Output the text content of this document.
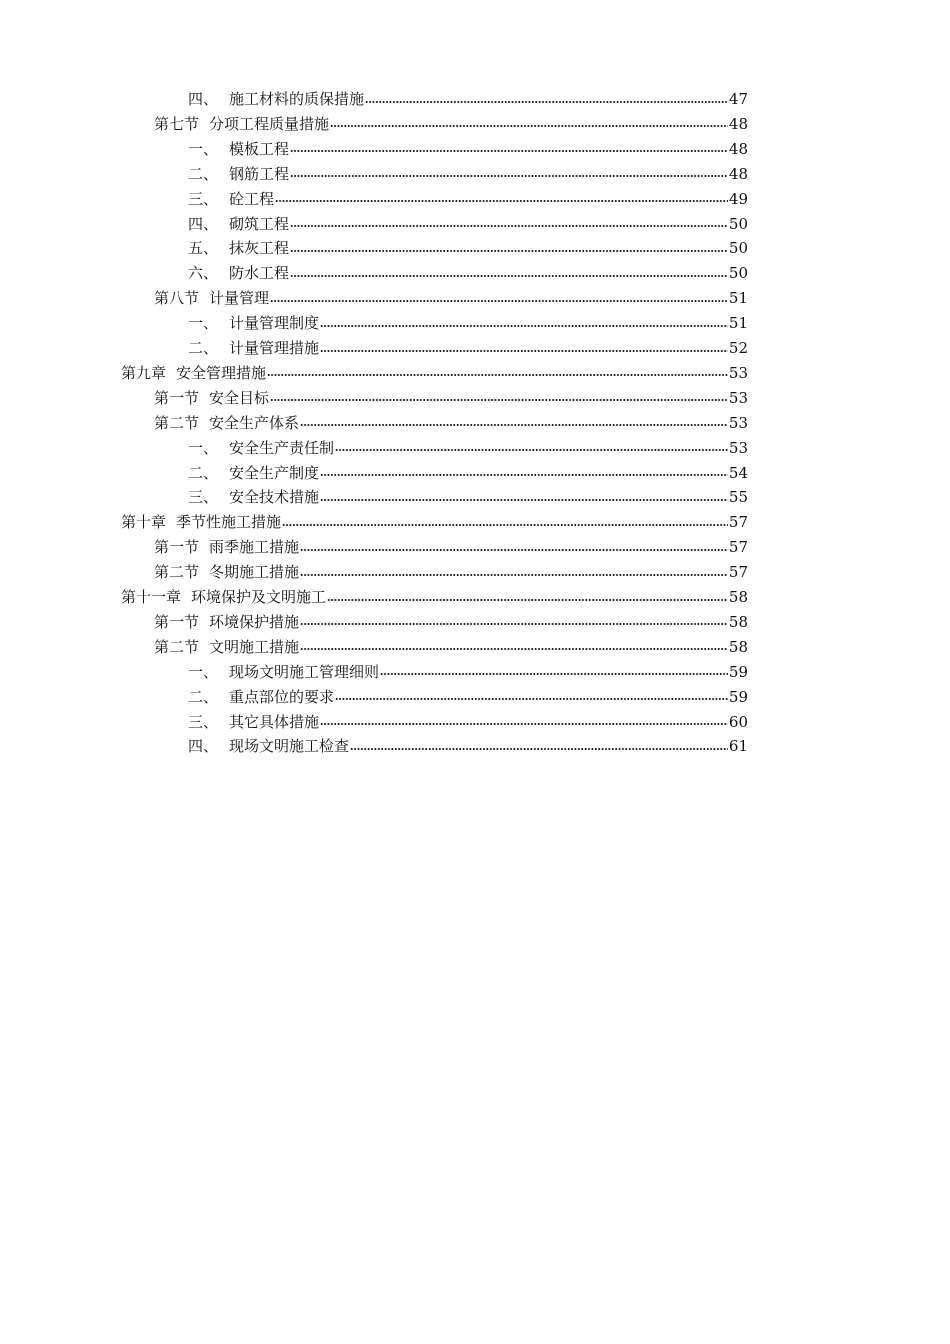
四、 施工材料的质保措施	47
第七节 分项工程质量措施	48
一、 模板工程	48
二、 钢筋工程	48
三、 砼工程	49
四、 砌筑工程	50
五、 抹灰工程	50
六、 防水工程	50
第八节 计量管理	51
一、 计量管理制度	51
二、 计量管理措施	52
第九章 安全管理措施	53
第一节 安全目标	53
第二节 安全生产体系	53
一、 安全生产责任制	53
二、 安全生产制度	54
三、 安全技术措施	55
第十章 季节性施工措施	57
第一节 雨季施工措施	57
第二节 冬期施工措施	57
第十一章 环境保护及文明施工	58
第一节 环境保护措施	58
第二节 文明施工措施	58
一、 现场文明施工管理细则	59
二、 重点部位的要求	59
三、 其它具体措施	60
四、 现场文明施工检查	61
